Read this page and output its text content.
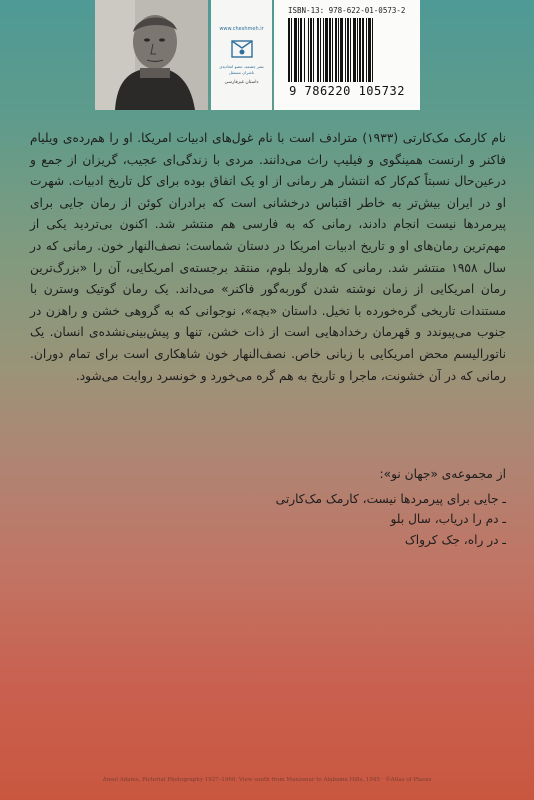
www.cheshmeh.ir
نشر چشمه، عضو اتحادیه‌ی ناشران مستقل
داستان غیرفارسی
ISBN-13: 978-622-01-0573-2
9 786220 105732

نام کارمک مک‌کارتی (۱۹۳۳) مترادف است با نام غول‌های ادبیات امریکا. او را هم‌رده‌ی ویلیام فاکنر و ارنست همینگوی و فیلیپ راث می‌دانند. مردی با زندگی‌ای عجیب، گریزان از جمع و درعین‌حال نسبتاً کم‌کار که انتشار هر رمانی از او یک اتفاق بوده برای کل تاریخ ادبیات. شهرت او در ایران بیش‌تر به خاطر اقتباس درخشانی است که برادران کوئن از رمان جایی برای پیرمردها نیست انجام دادند، رمانی که به فارسی هم منتشر شد. اکنون بی‌تردید یکی از مهم‌ترین رمان‌های او و تاریخ ادبیات امریکا در دستان شماست: نصف‌النهار خون. رمانی که در سال ۱۹۵۸ منتشر شد. رمانی که هارولد بلوم، منتقد برجسته‌ی امریکایی، آن را «بزرگ‌ترین رمان امریکایی از زمان نوشته شدن گوربه‌گور فاکنر» می‌داند. یک رمان گوتیک وسترن با مستندات تاریخی گره‌خورده با تخیل. داستان «بچه»، نوجوانی که به گروهی خشن و راهزن در جنوب می‌پیوندد و قهرمان رخدادهایی است از ذات خشن، تنها و پیش‌بینی‌نشده‌ی انسان. یک ناتورالیسم محض امریکایی با زبانی خاص. نصف‌النهار خون شاهکاری است برای تمام دوران. رمانی که در آن خشونت، ماجرا و تاریخ به هم گره می‌خورد و خونسرد روایت می‌شود.

از مجموعه‌ی «جهان نو»:
ـ جایی برای پیرمردها نیست، کارمک مک‌کارتی
ـ دم را دریاب، سال بلو
ـ در راه، جک کرواک
Ansel Adams, Pictorial Photography 1927–1960, View south from Manzanar to Alabama Hills, 1945 · ©Atlas of Places
